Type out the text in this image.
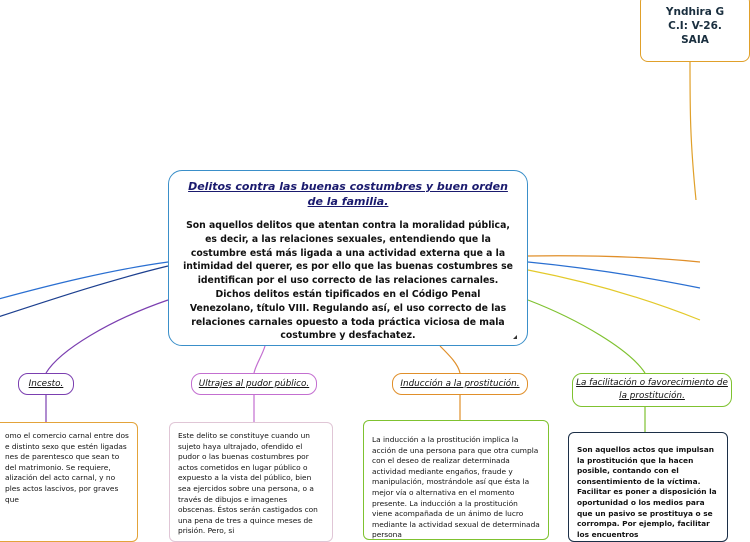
Yndhira G
C.I: V-26.
SAIA
Delitos contra las buenas costumbres y buen orden de la familia.
Son aquellos delitos que atentan contra la moralidad pública, es decir, a las relaciones sexuales, entendiendo que la costumbre está más ligada a una actividad externa que a la intimidad del querer, es por ello que las buenas costumbres se identifican por el uso correcto de las relaciones carnales. Dichos delitos están tipificados en el Código Penal Venezolano, título VIII. Regulando así, el uso correcto de las relaciones carnales opuesto a toda práctica viciosa de mala costumbre y desfachatez.
Incesto.	Ultrajes al pudor público.	Inducción a la prostitución.	La facilitación o favorecimiento de la prostitución.
omo el comercio carnal entre dos e distinto sexo que estén ligadas nes de parentesco que sean to del matrimonio. Se requiere, alización del acto carnal, y no ples actos lascivos, por graves que
Este delito se constituye cuando un sujeto haya ultrajado, ofendido el pudor o las buenas costumbres por actos cometidos en lugar público o expuesto a la vista del público, bien sea ejercidos sobre una persona, o a través de dibujos e imagenes obscenas. Éstos serán castigados con una pena de tres a quince meses de prisión. Pero, si
La inducción a la prostitución implica la acción de una persona para que otra cumpla con el deseo de realizar determinada actividad mediante engaños, fraude y manipulación, mostrándole así que ésta la mejor vía o alternativa en el momento presente. La inducción a la prostitución viene acompañada de un ánimo de lucro mediante la actividad sexual de determinada persona
Son aquellos actos que impulsan la prostitución que la hacen posible, contando con el consentimiento de la víctima. Facilitar es poner a disposición la oportunidad o los medios para que un pasivo se prostituya o se corrompa. Por ejemplo, facilitar los encuentros
